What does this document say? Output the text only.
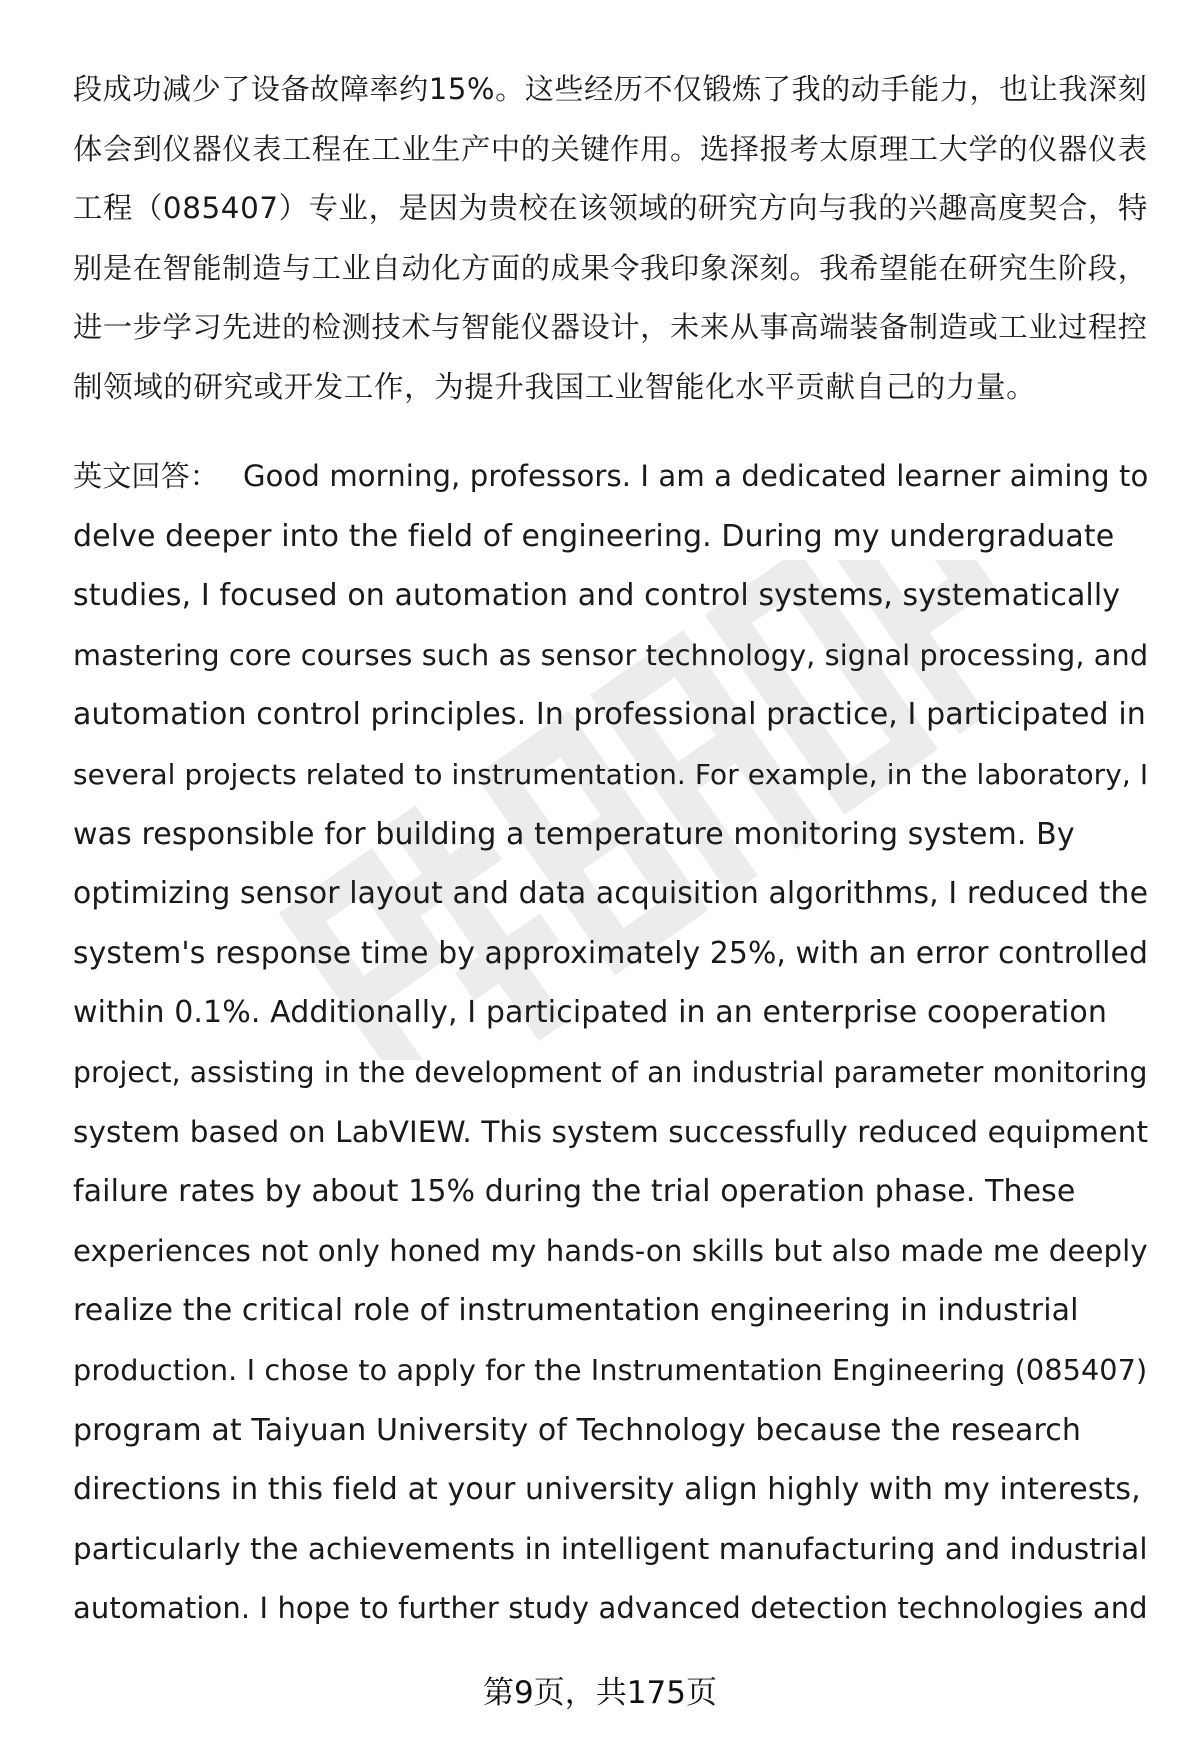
段成功减少了设备故障率约15%。这些经历不仅锻炼了我的动手能力，也让我深刻
体会到仪器仪表工程在工业生产中的关键作用。选择报考太原理工大学的仪器仪表
工程（085407）专业，是因为贵校在该领域的研究方向与我的兴趣高度契合，特
别是在智能制造与工业自动化方面的成果令我印象深刻。我希望能在研究生阶段，
进一步学习先进的检测技术与智能仪器设计，未来从事高端装备制造或工业过程控
制领域的研究或开发工作，为提升我国工业智能化水平贡献自己的力量。
英文回答： Good morning, professors. I am a dedicated learner aiming to
delve deeper into the field of engineering. During my undergraduate
studies, I focused on automation and control systems, systematically
mastering core courses such as sensor technology, signal processing, and
automation control principles. In professional practice, I participated in
several projects related to instrumentation. For example, in the laboratory, I
was responsible for building a temperature monitoring system. By
optimizing sensor layout and data acquisition algorithms, I reduced the
system's response time by approximately 25%, with an error controlled
within 0.1%. Additionally, I participated in an enterprise cooperation
project, assisting in the development of an industrial parameter monitoring
system based on LabVIEW. This system successfully reduced equipment
failure rates by about 15% during the trial operation phase. These
experiences not only honed my hands-on skills but also made me deeply
realize the critical role of instrumentation engineering in industrial
production. I chose to apply for the Instrumentation Engineering (085407)
program at Taiyuan University of Technology because the research
directions in this field at your university align highly with my interests,
particularly the achievements in intelligent manufacturing and industrial
automation. I hope to further study advanced detection technologies and
第9页，共175页
